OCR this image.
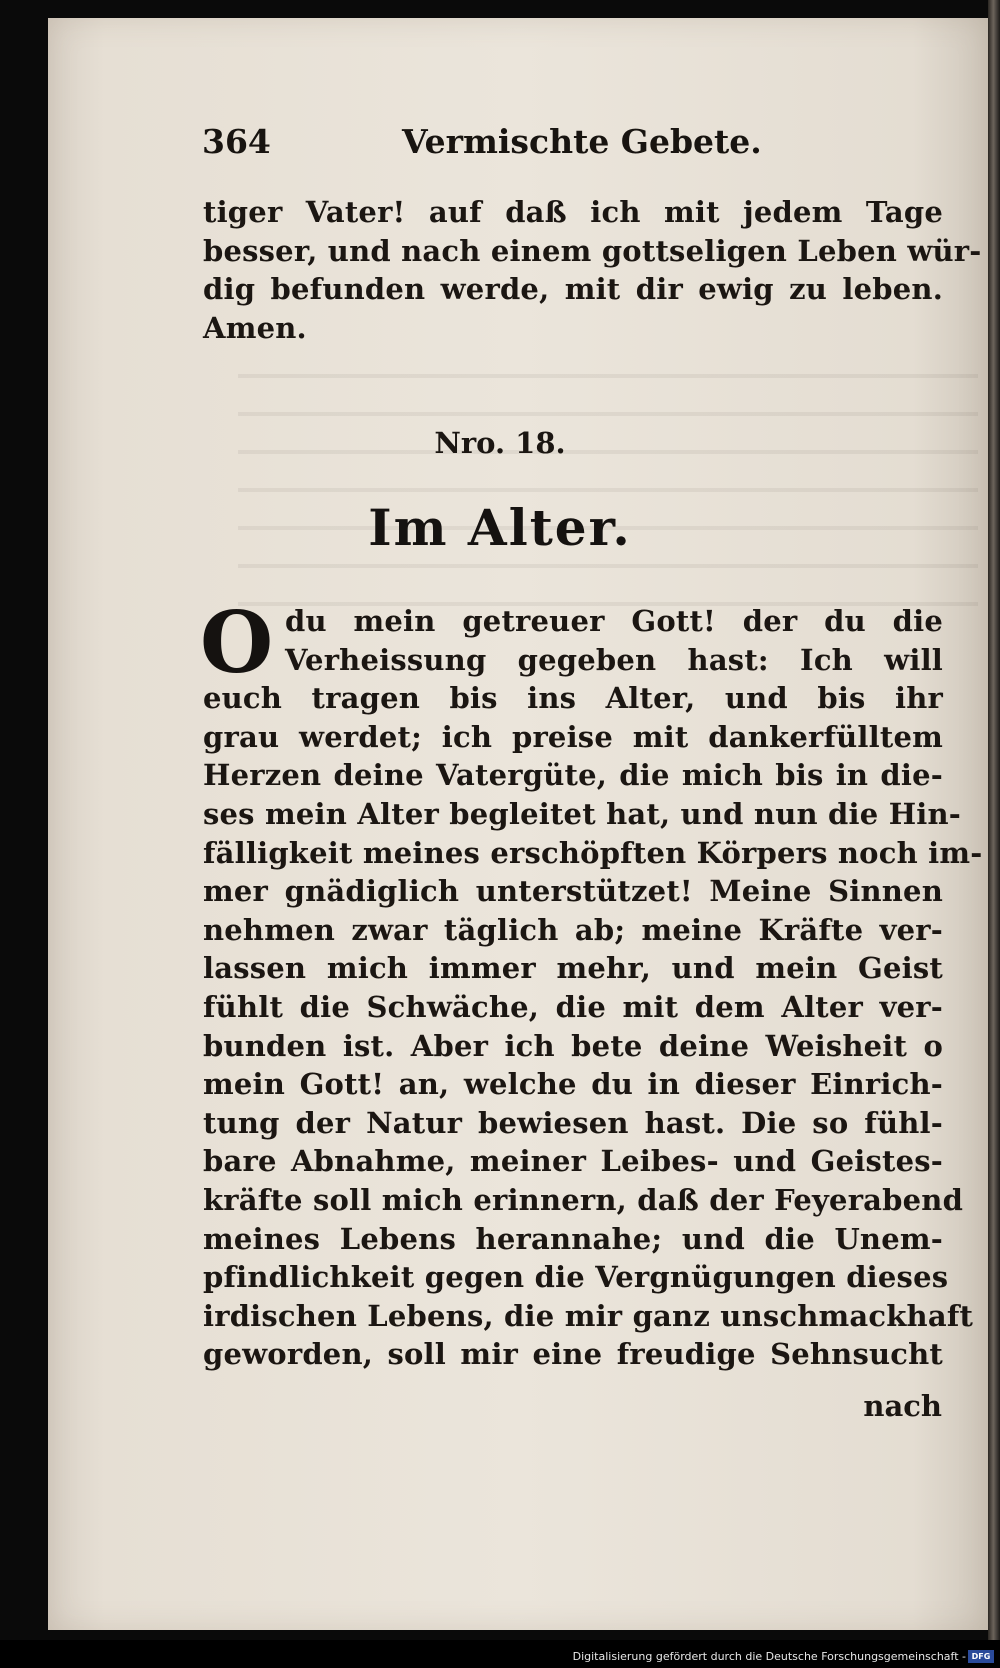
364	Vermischte Gebete.
tiger Vater! auf daß ich mit jedem Tage
besser, und nach einem gottseligen Leben wür-
dig befunden werde, mit dir ewig zu leben.
Amen.
Nro. 18.
Im Alter.
O du mein getreuer Gott! der du die
Verheissung gegeben hast: Ich will
euch tragen bis ins Alter, und bis ihr
grau werdet; ich preise mit dankerfülltem
Herzen deine Vatergüte, die mich bis in die-
ses mein Alter begleitet hat, und nun die Hin-
fälligkeit meines erschöpften Körpers noch im-
mer gnädiglich unterstützet! Meine Sinnen
nehmen zwar täglich ab; meine Kräfte ver-
lassen mich immer mehr, und mein Geist
fühlt die Schwäche, die mit dem Alter ver-
bunden ist. Aber ich bete deine Weisheit o
mein Gott! an, welche du in dieser Einrich-
tung der Natur bewiesen hast. Die so fühl-
bare Abnahme, meiner Leibes- und Geistes-
kräfte soll mich erinnern, daß der Feyerabend
meines Lebens herannahe; und die Unem-
pfindlichkeit gegen die Vergnügungen dieses
irdischen Lebens, die mir ganz unschmackhaft
geworden, soll mir eine freudige Sehnsucht
nach
Digitalisierung gefördert durch die Deutsche Forschungsgemeinschaft - DFG
